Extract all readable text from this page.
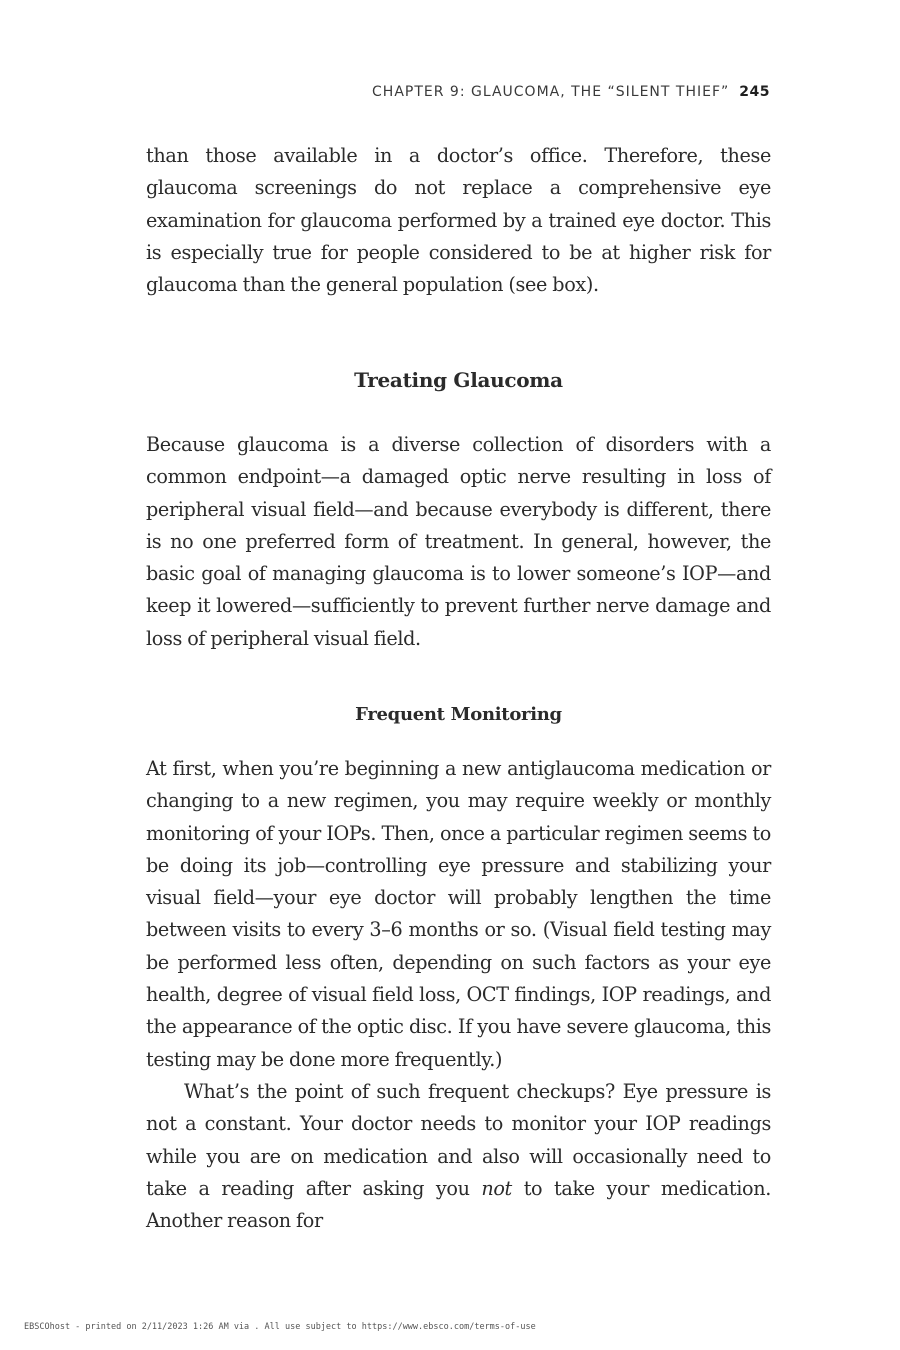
CHAPTER 9: GLAUCOMA, THE “SILENT THIEF” 245

than those available in a doctor’s office. Therefore, these glaucoma screenings do not replace a comprehensive eye examination for glaucoma performed by a trained eye doctor. This is especially true for people considered to be at higher risk for glaucoma than the general population (see box).

Treating Glaucoma

Because glaucoma is a diverse collection of disorders with a common endpoint—a damaged optic nerve resulting in loss of peripheral visual field—and because everybody is different, there is no one preferred form of treatment. In general, however, the basic goal of managing glaucoma is to lower someone’s IOP—and keep it lowered—sufficiently to prevent further nerve damage and loss of peripheral visual field.

Frequent Monitoring

At first, when you’re beginning a new antiglaucoma medication or changing to a new regimen, you may require weekly or monthly monitoring of your IOPs. Then, once a particular regimen seems to be doing its job—controlling eye pressure and stabilizing your visual field—your eye doctor will probably lengthen the time between visits to every 3–6 months or so. (Visual field testing may be performed less often, depending on such factors as your eye health, degree of visual field loss, OCT findings, IOP readings, and the appearance of the optic disc. If you have severe glaucoma, this testing may be done more frequently.)

What’s the point of such frequent checkups? Eye pressure is not a constant. Your doctor needs to monitor your IOP readings while you are on medication and also will occasionally need to take a reading after asking you not to take your medication. Another reason for

EBSCOhost - printed on 2/11/2023 1:26 AM via . All use subject to https://www.ebsco.com/terms-of-use
